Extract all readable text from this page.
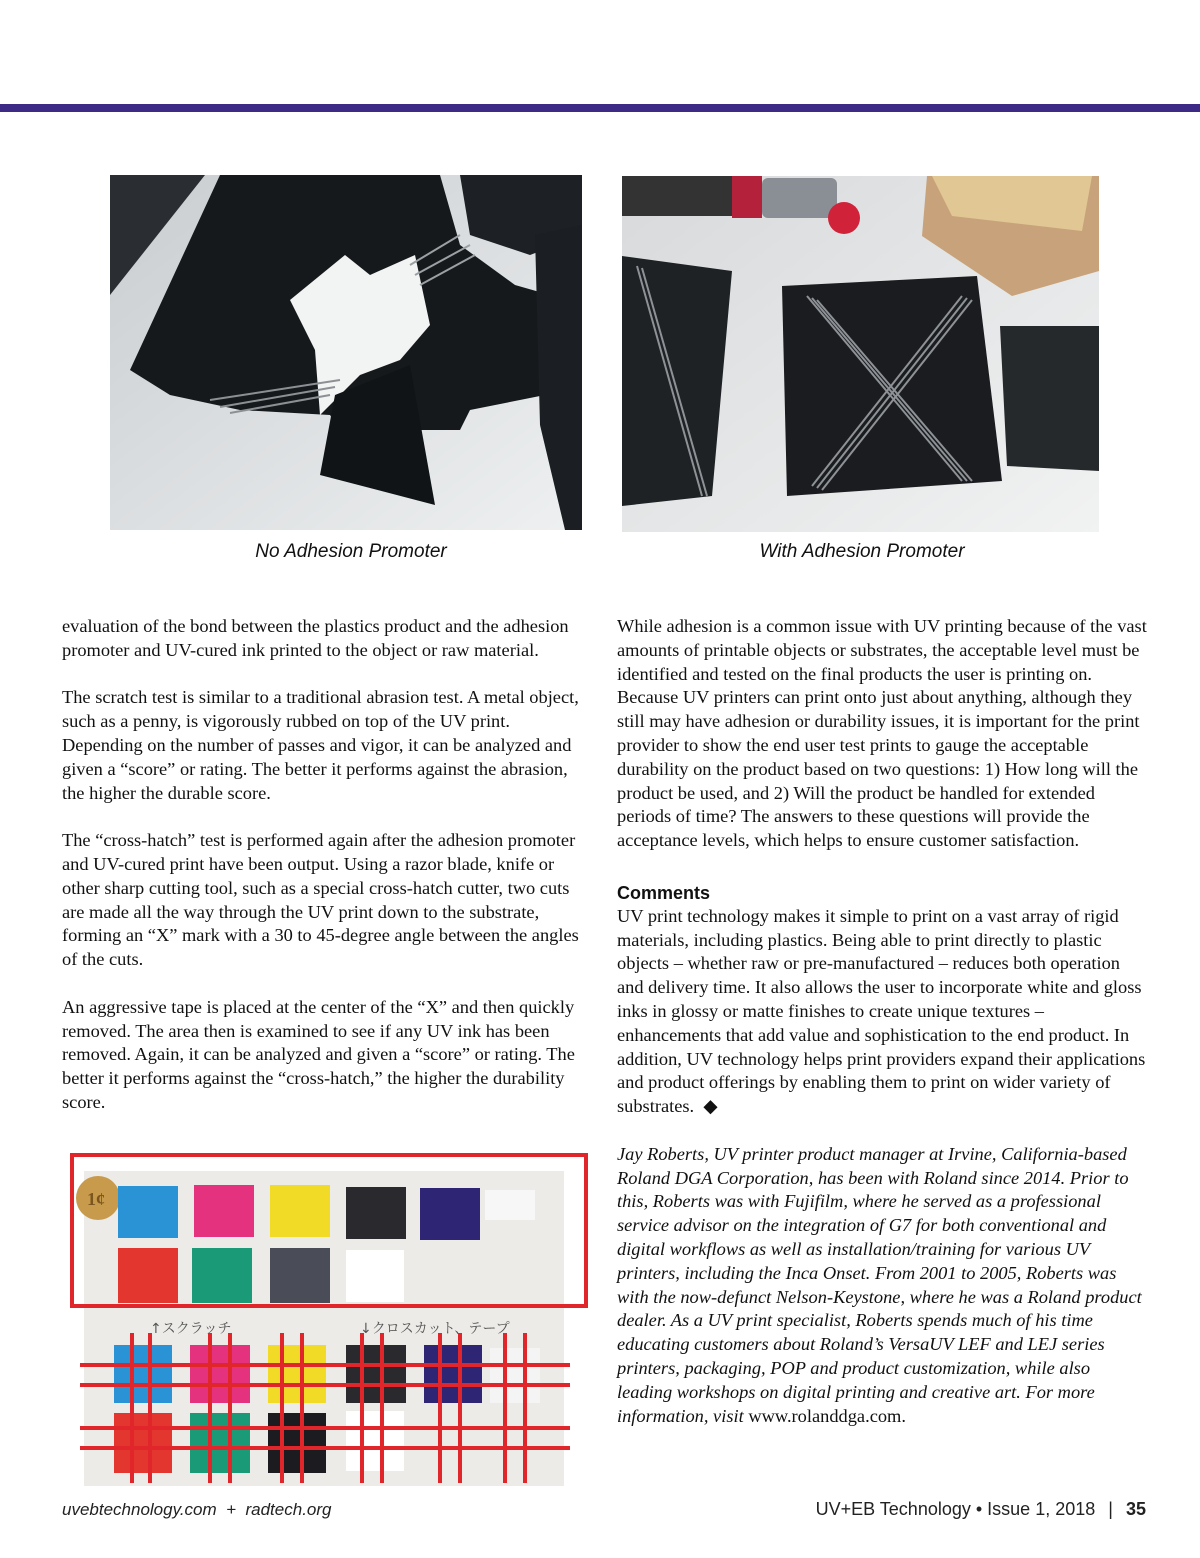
No Adhesion Promoter	With Adhesion Promoter

evaluation of the bond between the plastics product and the adhesion promoter and UV-cured ink printed to the object or raw material.

The scratch test is similar to a traditional abrasion test. A metal object, such as a penny, is vigorously rubbed on top of the UV print. Depending on the number of passes and vigor, it can be analyzed and given a “score” or rating. The better it performs against the abrasion, the higher the durable score.

The “cross-hatch” test is performed again after the adhesion promoter and UV-cured print have been output. Using a razor blade, knife or other sharp cutting tool, such as a special cross-hatch cutter, two cuts are made all the way through the UV print down to the substrate, forming an “X” mark with a 30 to 45-degree angle between the angles of the cuts.

An aggressive tape is placed at the center of the “X” and then quickly removed. The area then is examined to see if any UV ink has been removed. Again, it can be analyzed and given a “score” or rating. The better it performs against the “cross-hatch,” the higher the durability score.

1¢
↑スクラッチ	↓クロスカット、テープ

While adhesion is a common issue with UV printing because of the vast amounts of printable objects or substrates, the acceptable level must be identified and tested on the final products the user is printing on. Because UV printers can print onto just about anything, although they still may have adhesion or durability issues, it is important for the print provider to show the end user test prints to gauge the acceptable durability on the product based on two questions: 1) How long will the product be used, and 2) Will the product be handled for extended periods of time? The answers to these questions will provide the acceptance levels, which helps to ensure customer satisfaction.

Comments

UV print technology makes it simple to print on a vast array of rigid materials, including plastics. Being able to print directly to plastic objects – whether raw or pre-manufactured – reduces both operation and delivery time. It also allows the user to incorporate white and gloss inks in glossy or matte finishes to create unique textures – enhancements that add value and sophistication to the end product. In addition, UV technology helps print providers expand their applications and product offerings by enabling them to print on wider variety of substrates. ◆

Jay Roberts, UV printer product manager at Irvine, California-based Roland DGA Corporation, has been with Roland since 2014. Prior to this, Roberts was with Fujifilm, where he served as a professional service advisor on the integration of G7 for both conventional and digital workflows as well as installation/training for various UV printers, including the Inca Onset. From 2001 to 2005, Roberts was with the now-defunct Nelson-Keystone, where he was a Roland product dealer. As a UV print specialist, Roberts spends much of his time educating customers about Roland’s VersaUV LEF and LEJ series printers, packaging, POP and product customization, while also leading workshops on digital printing and creative art. For more information, visit www.rolanddga.com.

uvebtechnology.com  +  radtech.org	UV+EB Technology • Issue 1, 2018 | 35
